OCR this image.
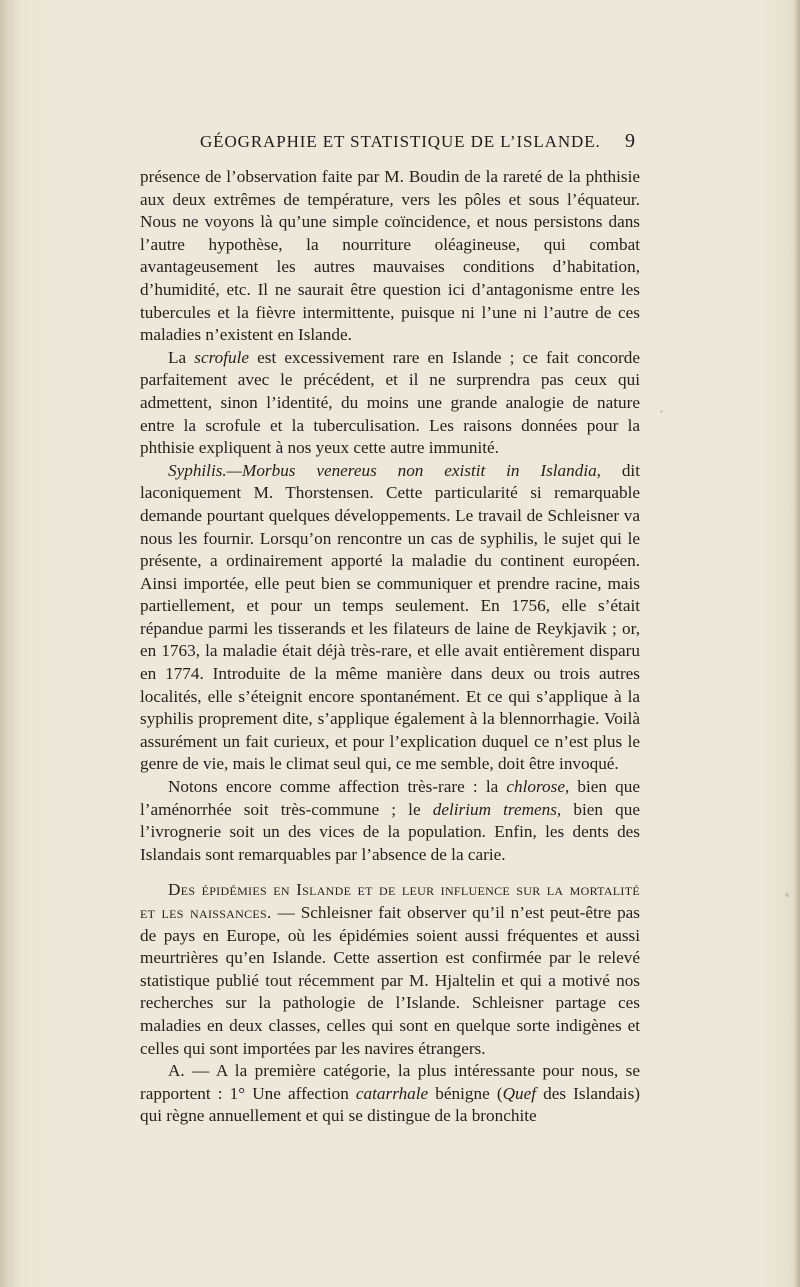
GÉOGRAPHIE ET STATISTIQUE DE L’ISLANDE. 9

présence de l’observation faite par M. Boudin de la rareté de la phthisie aux deux extrêmes de température, vers les pôles et sous l’équateur. Nous ne voyons là qu’une simple coïncidence, et nous persistons dans l’autre hypothèse, la nourriture oléagineuse, qui combat avantageusement les autres mauvaises conditions d’habitation, d’humidité, etc. Il ne saurait être question ici d’antagonisme entre les tubercules et la fièvre intermittente, puisque ni l’une ni l’autre de ces maladies n’existent en Islande.

La scrofule est excessivement rare en Islande ; ce fait concorde parfaitement avec le précédent, et il ne surprendra pas ceux qui admettent, sinon l’identité, du moins une grande analogie de nature entre la scrofule et la tuberculisation. Les raisons données pour la phthisie expliquent à nos yeux cette autre immunité.

Syphilis.—Morbus venereus non existit in Islandia, dit laconiquement M. Thorstensen. Cette particularité si remarquable demande pourtant quelques développements. Le travail de Schleisner va nous les fournir. Lorsqu’on rencontre un cas de syphilis, le sujet qui le présente, a ordinairement apporté la maladie du continent européen. Ainsi importée, elle peut bien se communiquer et prendre racine, mais partiellement, et pour un temps seulement. En 1756, elle s’était répandue parmi les tisserands et les filateurs de laine de Reykjavik ; or, en 1763, la maladie était déjà très-rare, et elle avait entièrement disparu en 1774. Introduite de la même manière dans deux ou trois autres localités, elle s’éteignit encore spontanément. Et ce qui s’applique à la syphilis proprement dite, s’applique également à la blennorrhagie. Voilà assurément un fait curieux, et pour l’explication duquel ce n’est plus le genre de vie, mais le climat seul qui, ce me semble, doit être invoqué.

Notons encore comme affection très-rare : la chlorose, bien que l’aménorrhée soit très-commune ; le delirium tremens, bien que l’ivrognerie soit un des vices de la population. Enfin, les dents des Islandais sont remarquables par l’absence de la carie.

Des épidémies en Islande et de leur influence sur la mortalité et les naissances. — Schleisner fait observer qu’il n’est peut-être pas de pays en Europe, où les épidémies soient aussi fréquentes et aussi meurtrières qu’en Islande. Cette assertion est confirmée par le relevé statistique publié tout récemment par M. Hjaltelin et qui a motivé nos recherches sur la pathologie de l’Islande. Schleisner partage ces maladies en deux classes, celles qui sont en quelque sorte indigènes et celles qui sont importées par les navires étrangers.

A. — A la première catégorie, la plus intéressante pour nous, se rapportent : 1° Une affection catarrhale bénigne (Quef des Islandais) qui règne annuellement et qui se distingue de la bronchite
